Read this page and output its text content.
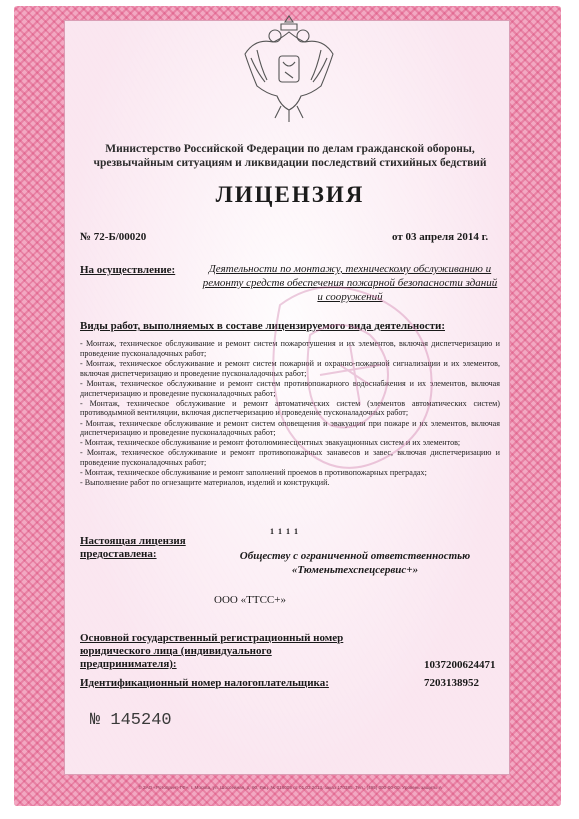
Министерство Российской Федерации по делам гражданской обороны, чрезвычайным ситуациям и ликвидации последствий стихийных бедствий
ЛИЦЕНЗИЯ
№ 72-Б/00020	от 03 апреля 2014 г.
На осуществление:	Деятельности по монтажу, техническому обслуживанию и ремонту средств обеспечения пожарной безопасности зданий и сооружений
Виды работ, выполняемых в составе лицензируемого вида деятельности:
- Монтаж, техническое обслуживание и ремонт систем пожаротушения и их элементов, включая диспетчеризацию и проведение пусконаладочных работ;
- Монтаж, техническое обслуживание и ремонт систем пожарной и охранно-пожарной сигнализации и их элементов, включая диспетчеризацию и проведение пусконаладочных работ;
- Монтаж, техническое обслуживание и ремонт систем противопожарного водоснабжения и их элементов, включая диспетчеризацию и проведение пусконаладочных работ;
- Монтаж, техническое обслуживание и ремонт автоматических систем (элементов автоматических систем) противодымной вентиляции, включая диспетчеризацию и проведение пусконаладочных работ;
- Монтаж, техническое обслуживание и ремонт систем оповещения и эвакуации при пожаре и их элементов, включая диспетчеризацию и проведение пусконаладочных работ;
- Монтаж, техническое обслуживание и ремонт фотолюминесцентных эвакуационных систем и их элементов;
- Монтаж, техническое обслуживание и ремонт противопожарных занавесов и завес, включая диспетчеризацию и проведение пусконаладочных работ;
- Монтаж, техническое обслуживание и ремонт заполнений проемов в противопожарных преградах;
- Выполнение работ по огнезащите материалов, изделий и конструкций.
1 1 1 1
Настоящая лицензия предоставлена:	Обществу с ограниченной ответственностью «Тюменьтехспецсервис+»
ООО «ТТСС+»
Основной государственный регистрационный номер юридического лица (индивидуального предпринимателя):	1037200624471
Идентификационный номер налогоплательщика:	7203138952
№ 145240
© ЗАО «Ротопринт-ГФ», г. Москва, ул. Шоссейная, д. 90, Лиц. № 016005 от 01.03.2013, заказ 170385. Тел.: (495) 000-00-00. Уровень защиты А
